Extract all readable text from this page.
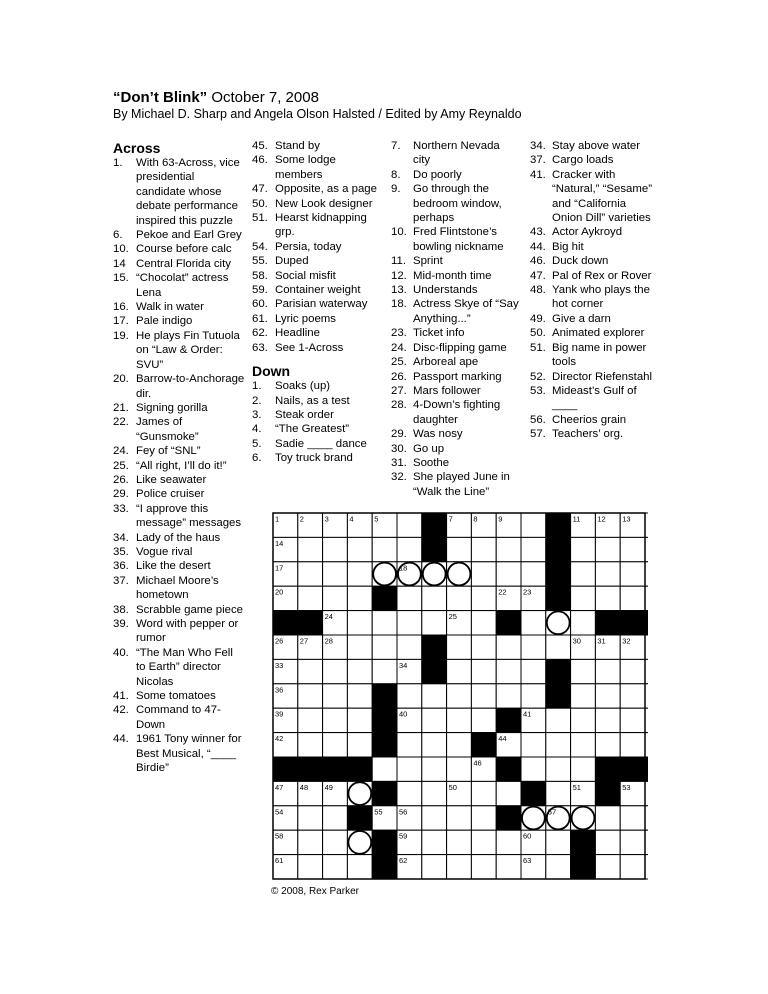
“Don’t Blink” October 7, 2008
By Michael D. Sharp and Angela Olson Halsted / Edited by Amy Reynaldo
Across
1.	With 63-Across, vice presidential candidate whose debate performance inspired this puzzle
6.	Pekoe and Earl Grey
10. Course before calc
14 Central Florida city
15. “Chocolat” actress Lena
16. Walk in water
17. Pale indigo
19. He plays Fin Tutuola on “Law & Order: SVU”
20. Barrow-to-Anchorage dir.
21. Signing gorilla
22. James of “Gunsmoke”
24. Fey of “SNL”
25. “All right, I’ll do it!”
26. Like seawater
29. Police cruiser
33. “I approve this message” messages
34. Lady of the haus
35. Vogue rival
36. Like the desert
37. Michael Moore’s hometown
38. Scrabble game piece
39. Word with pepper or rumor
40. “The Man Who Fell to Earth” director Nicolas
41. Some tomatoes
42. Command to 47-Down
44. 1961 Tony winner for Best Musical, “____ Birdie”
45. Stand by
46. Some lodge members
47. Opposite, as a page
50. New Look designer
51. Hearst kidnapping grp.
54. Persia, today
55. Duped
58. Social misfit
59. Container weight
60. Parisian waterway
61. Lyric poems
62. Headline
63. See 1-Across
Down
1.	Soaks (up)
2.	Nails, as a test
3.	Steak order
4.	“The Greatest”
5.	Sadie ____ dance
6.	Toy truck brand
7.	Northern Nevada city
8.	Do poorly
9.	Go through the bedroom window, perhaps
10. Fred Flintstone’s bowling nickname
11. Sprint
12. Mid-month time
13. Understands
18. Actress Skye of “Say Anything...”
23. Ticket info
24. Disc-flipping game
25. Arboreal ape
26. Passport marking
27. Mars follower
28. 4-Down’s fighting daughter
29. Was nosy
30. Go up
31. Soothe
32. She played June in “Walk the Line”
34. Stay above water
37. Cargo loads
41. Cracker with “Natural,” “Sesame” and “California Onion Dill” varieties
43. Actor Aykroyd
44. Big hit
46. Duck down
47. Pal of Rex or Rover
48. Yank who plays the hot corner
49. Give a darn
50. Animated explorer
51. Big name in power tools
52. Director Riefenstahl
53. Mideast’s Gulf of ____
56. Cheerios grain
57. Teachers’ org.
1	2	3	4	5	7	8	9	11 12 13
14
17	18
20	22 23
24	25
26 27 28	30 31 32
33	34
36
39	40	41
42	44
46
47 48 49	50	51	53
54	55 56	57
58	59	60
61	62	63
© 2008, Rex Parker
